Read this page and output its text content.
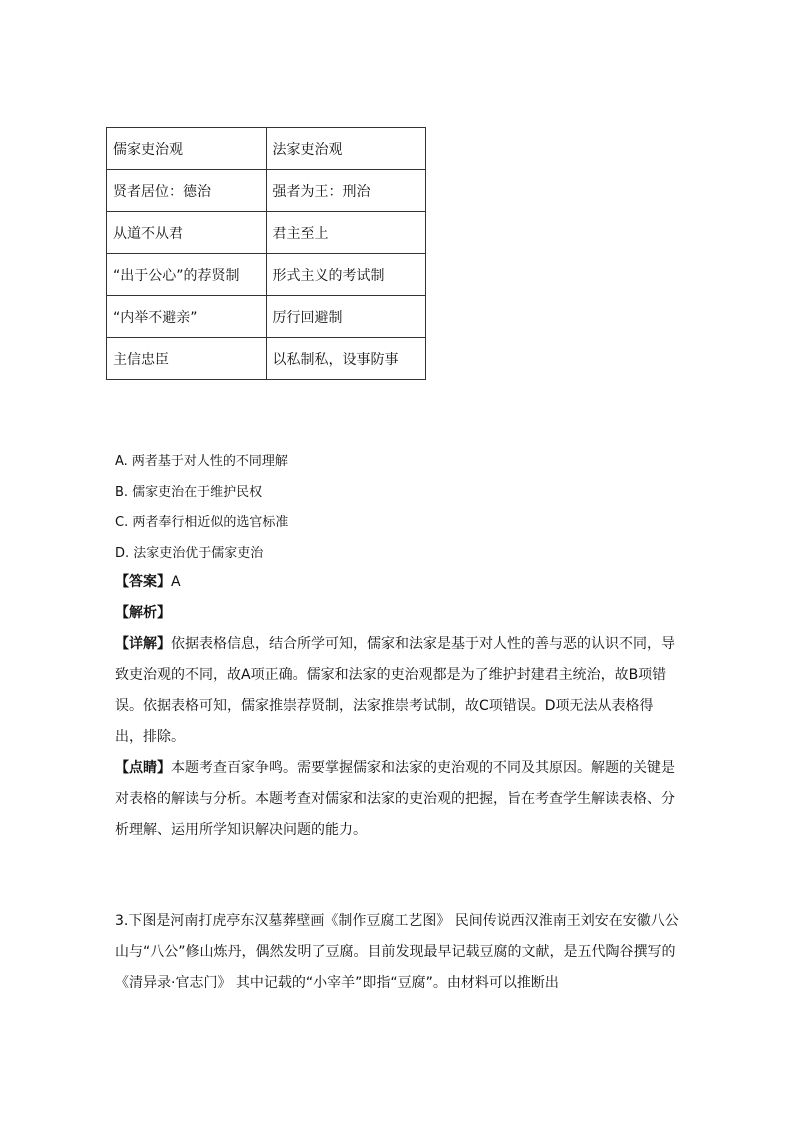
儒家吏治观	法家吏治观
贤者居位：德治	强者为王：刑治
从道不从君	君主至上
“出于公心”的荐贤制	形式主义的考试制
“内举不避亲”	厉行回避制
主信忠臣	以私制私，设事防事
A. 两者基于对人性的不同理解
B. 儒家吏治在于维护民权
C. 两者奉行相近似的选官标准
D. 法家吏治优于儒家吏治

【答案】A

【解析】

【详解】依据表格信息，结合所学可知，儒家和法家是基于对人性的善与恶的认识不同，导致吏治观的不同，故A项正确。儒家和法家的吏治观都是为了维护封建君主统治，故B项错误。依据表格可知，儒家推崇荐贤制，法家推崇考试制，故C项错误。D项无法从表格得出，排除。

【点睛】本题考查百家争鸣。需要掌握儒家和法家的吏治观的不同及其原因。解题的关键是对表格的解读与分析。本题考查对儒家和法家的吏治观的把握，旨在考查学生解读表格、分析理解、运用所学知识解决问题的能力。

3.下图是河南打虎亭东汉墓葬壁画《制作豆腐工艺图》 民间传说西汉淮南王刘安在安徽八公山与“八公”修山炼丹，偶然发明了豆腐。目前发现最早记载豆腐的文献，是五代陶谷撰写的《清异录·官志门》 其中记载的“小宰羊”即指“豆腐”。由材料可以推断出
